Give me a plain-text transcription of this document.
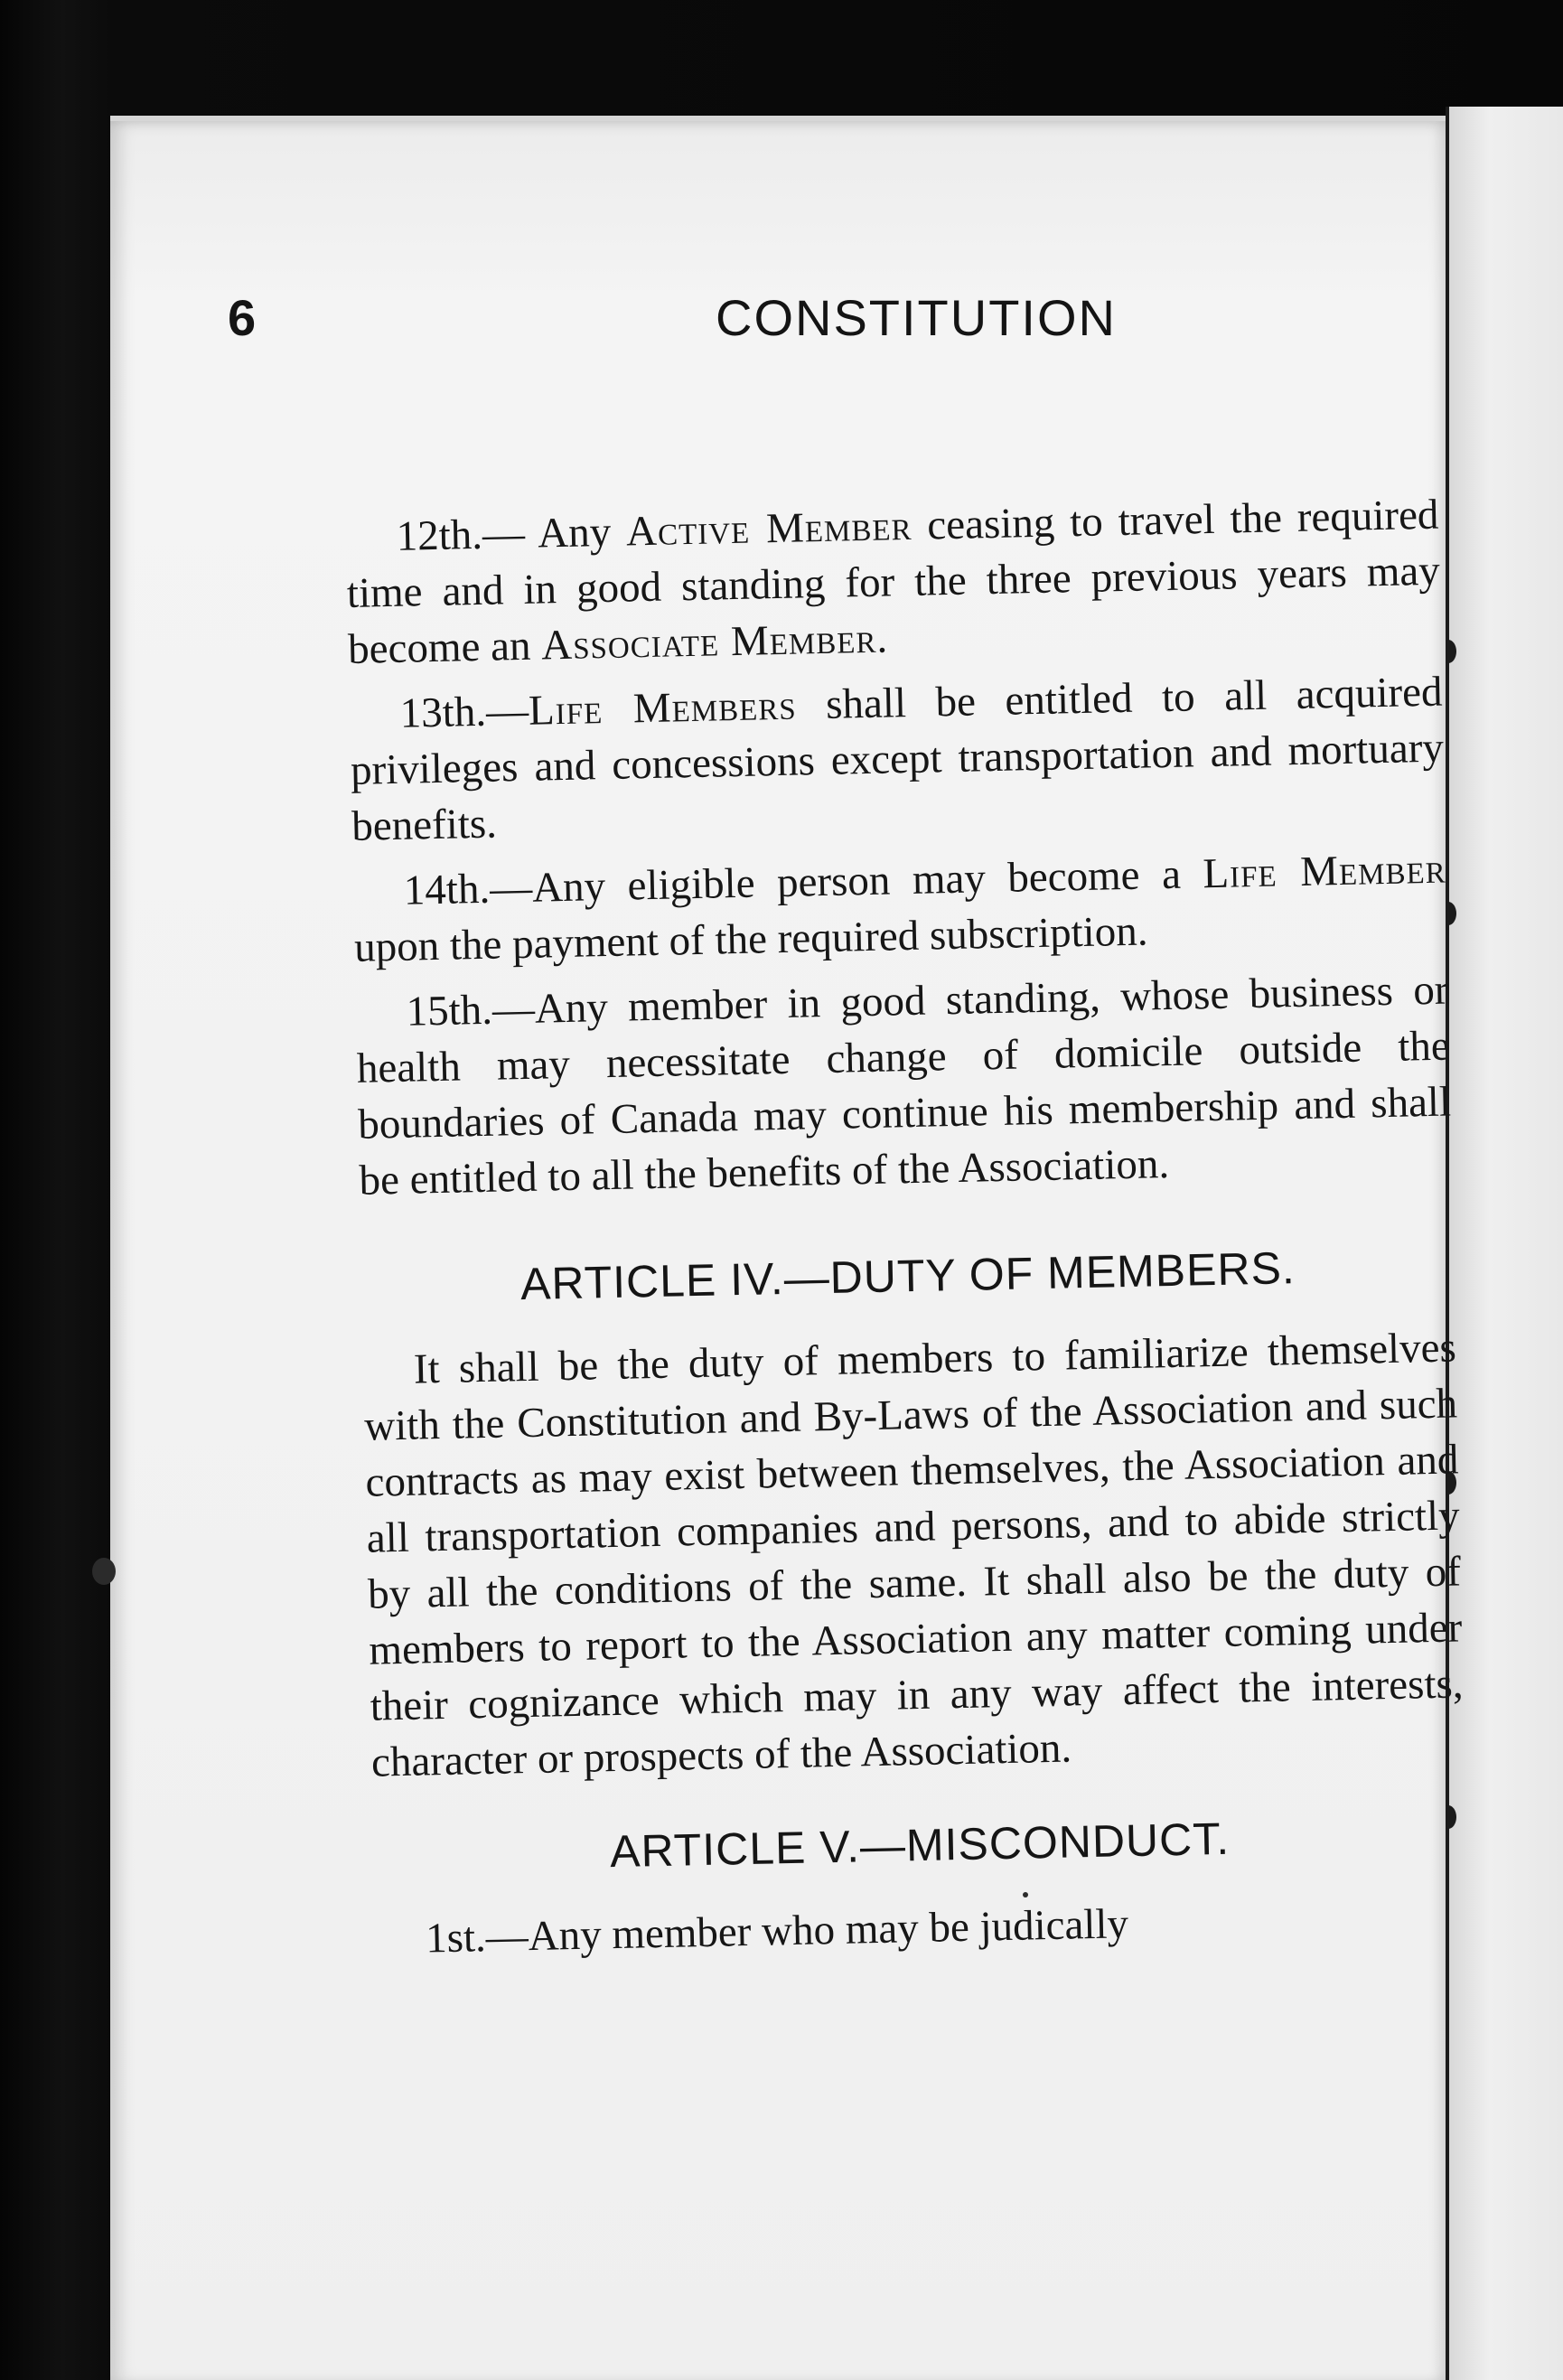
6	CONSTITUTION
12th.— Any Active Member ceasing to travel the required time and in good standing for the three previous years may become an Associate Member.
13th.—Life Members shall be entitled to all acquired privileges and concessions except transportation and mortuary benefits.
14th.—Any eligible person may become a Life Member upon the payment of the required subscription.
15th.—Any member in good standing, whose business or health may necessitate change of domicile outside the boundaries of Canada may continue his membership and shall be entitled to all the benefits of the Association.
ARTICLE IV.—DUTY OF MEMBERS.
It shall be the duty of members to familiarize themselves with the Constitution and By-Laws of the Association and such contracts as may exist between themselves, the Association and all transportation companies and persons, and to abide strictly by all the conditions of the same. It shall also be the duty of members to report to the Association any matter coming under their cognizance which may in any way affect the interests, character or prospects of the Association.
ARTICLE V.—MISCONDUCT.
1st.—Any member who may be judically
